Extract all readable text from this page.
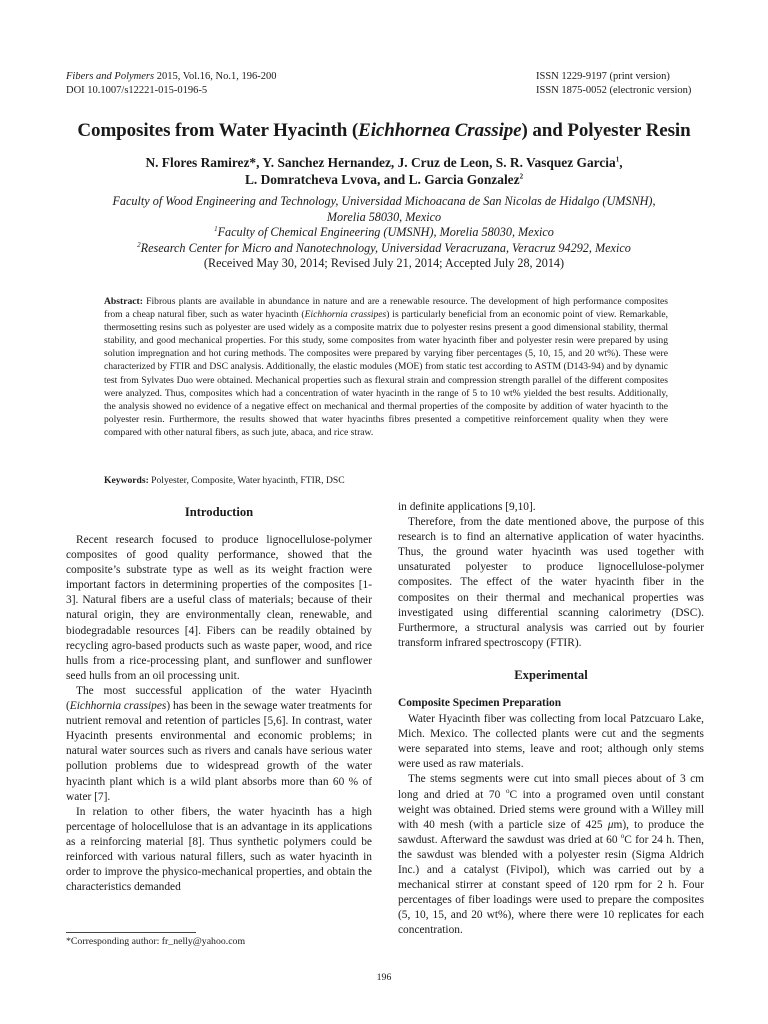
Fibers and Polymers 2015, Vol.16, No.1, 196-200
DOI 10.1007/s12221-015-0196-5
ISSN 1229-9197 (print version)
ISSN 1875-0052 (electronic version)
Composites from Water Hyacinth (Eichhornea Crassipe) and Polyester Resin
N. Flores Ramirez*, Y. Sanchez Hernandez, J. Cruz de Leon, S. R. Vasquez Garcia$^1$,
L. Domratcheva Lvova, and L. Garcia Gonzalez$^2$
Faculty of Wood Engineering and Technology, Universidad Michoacana de San Nicolas de Hidalgo (UMSNH),
Morelia 58030, Mexico
$^1$Faculty of Chemical Engineering (UMSNH), Morelia 58030, Mexico
$^2$Research Center for Micro and Nanotechnology, Universidad Veracruzana, Veracruz 94292, Mexico
(Received May 30, 2014; Revised July 21, 2014; Accepted July 28, 2014)
Abstract: Fibrous plants are available in abundance in nature and are a renewable resource. The development of high performance composites from a cheap natural fiber, such as water hyacinth (Eichhornia crassipes) is particularly beneficial from an economic point of view. Remarkable, thermosetting resins such as polyester are used widely as a composite matrix due to polyester resins present a good dimensional stability, thermal stability, and good mechanical properties. For this study, some composites from water hyacinth fiber and polyester resin were prepared by using solution impregnation and hot curing methods. The composites were prepared by varying fiber percentages (5, 10, 15, and 20 wt%). These were characterized by FTIR and DSC analysis. Additionally, the elastic modules (MOE) from static test according to ASTM (D143-94) and by dynamic test from Sylvates Duo were obtained. Mechanical properties such as flexural strain and compression strength parallel of the different composites were analyzed. Thus, composites which had a concentration of water hyacinth in the range of 5 to 10 wt% yielded the best results. Additionally, the analysis showed no evidence of a negative effect on mechanical and thermal properties of the composite by addition of water hyacinth to the polyester resin. Furthermore, the results showed that water hyacinths fibres presented a competitive reinforcement quality when they were compared with other natural fibers, as such jute, abaca, and rice straw.
Keywords: Polyester, Composite, Water hyacinth, FTIR, DSC
Introduction

Recent research focused to produce lignocellulose-polymer composites of good quality performance, showed that the composite’s substrate type as well as its weight fraction were important factors in determining properties of the composites [1-3]. Natural fibers are a useful class of materials; because of their natural origin, they are environmentally clean, renewable, and biodegradable resources [4]. Fibers can be readily obtained by recycling agro-based products such as waste paper, wood, and rice hulls from a rice-processing plant, and sunflower and sunflower seed hulls from an oil processing unit.

The most successful application of the water Hyacinth (Eichhornia crassipes) has been in the sewage water treatments for nutrient removal and retention of particles [5,6]. In contrast, water Hyacinth presents environmental and economic problems; in natural water sources such as rivers and canals have serious water pollution problems due to widespread growth of the water hyacinth plant which is a wild plant absorbs more than 60 % of water [7].

In relation to other fibers, the water hyacinth has a high percentage of holocellulose that is an advantage in its applications as a reinforcing material [8]. Thus synthetic polymers could be reinforced with various natural fillers, such as water hyacinth in order to improve the physico-mechanical properties, and obtain the characteristics demanded

in definite applications [9,10].

Therefore, from the date mentioned above, the purpose of this research is to find an alternative application of water hyacinths. Thus, the ground water hyacinth was used together with unsaturated polyester to produce lignocellulose-polymer composites. The effect of the water hyacinth fiber in the composites on their thermal and mechanical properties was investigated using differential scanning calorimetry (DSC). Furthermore, a structural analysis was carried out by fourier transform infrared spectroscopy (FTIR).

Experimental
Composite Specimen Preparation

Water Hyacinth fiber was collecting from local Patzcuaro Lake, Mich. Mexico. The collected plants were cut and the segments were separated into stems, leave and root; although only stems were used as raw materials.

The stems segments were cut into small pieces about of 3 cm long and dried at 70 $^o$C into a programed oven until constant weight was obtained. Dried stems were ground with a Willey mill with 40 mesh (with a particle size of 425 μm), to produce the sawdust. Afterward the sawdust was dried at 60 $^o$C for 24 h. Then, the sawdust was blended with a polyester resin (Sigma Aldrich Inc.) and a catalyst (Fivipol), which was carried out by a mechanical stirrer at constant speed of 120 rpm for 2 h. Four percentages of fiber loadings were used to prepare the composites (5, 10, 15, and 20 wt%), where there were 10 replicates for each concentration.

*Corresponding author: fr_nelly@yahoo.com
196
